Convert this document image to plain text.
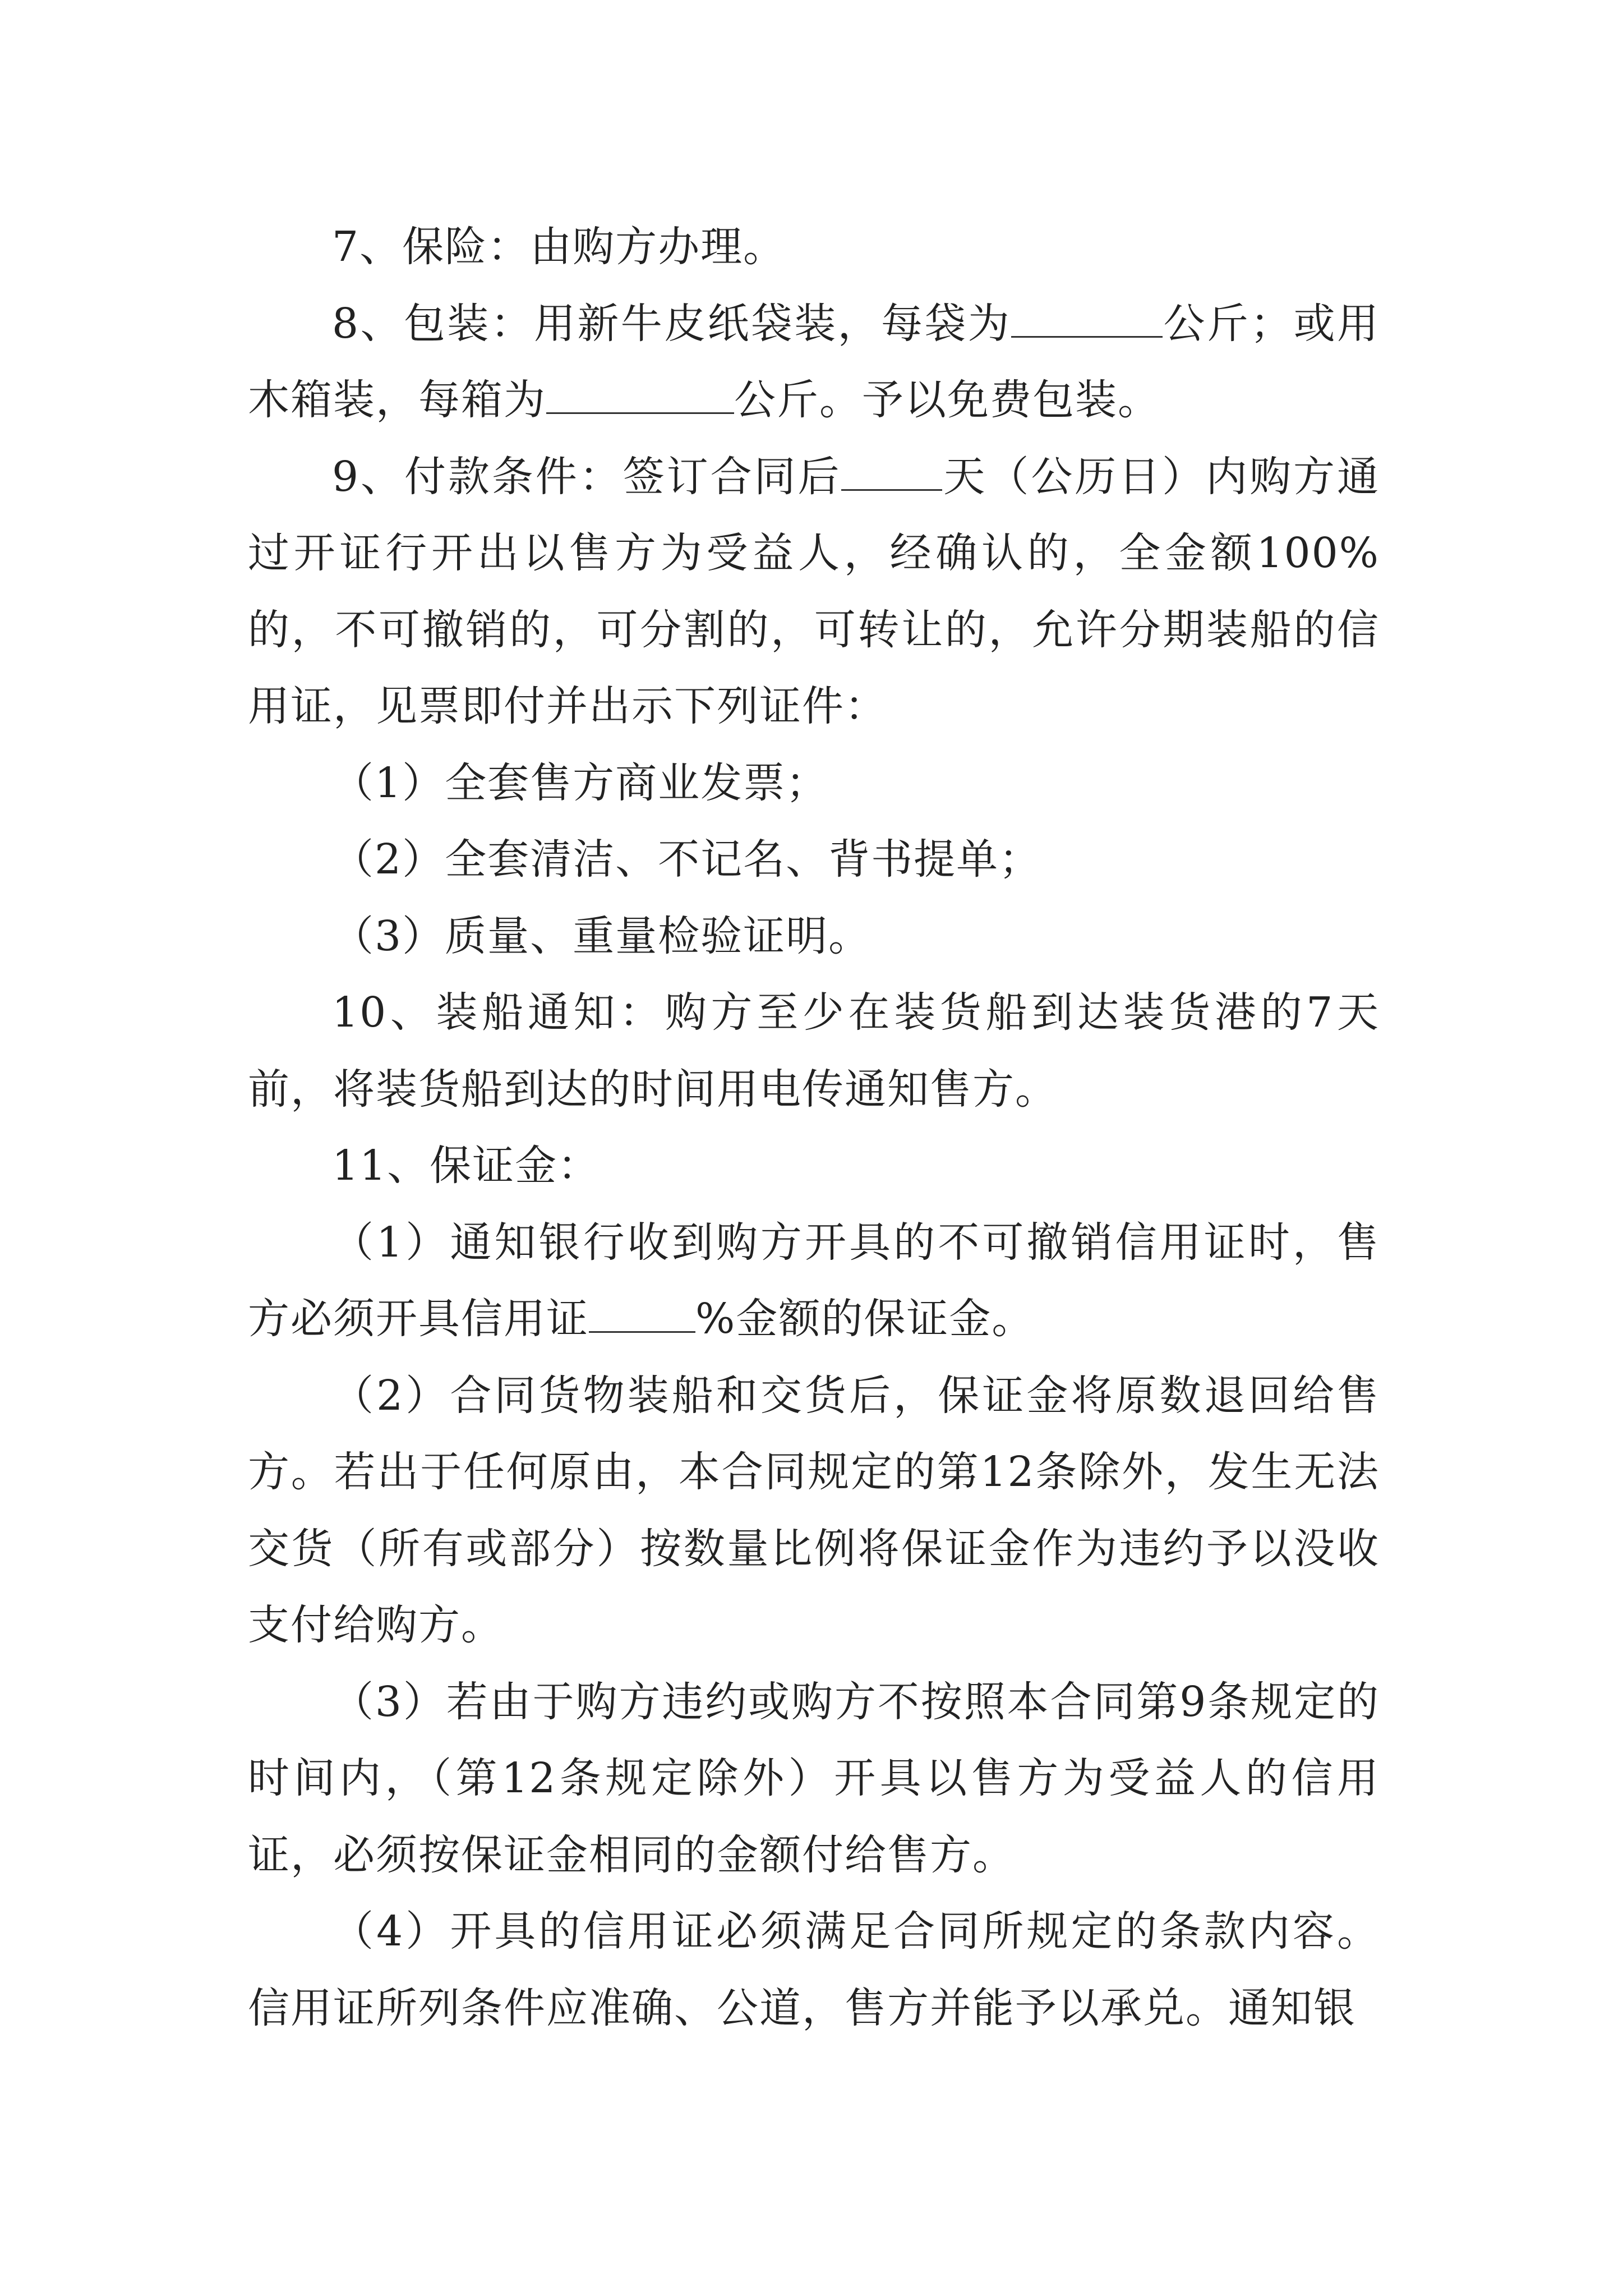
7、保险：由购方办理。

8、包装：用新牛皮纸袋装，每袋为	公斤；或用木箱装，每箱为	公斤。予以免费包装。

9、付款条件：签订合同后 天（公历日）内购方通过开证行开出以售方为受益人，经确认的，全金额100%的，不可撤销的，可分割的，可转让的，允许分期装船的信用证，见票即付并出示下列证件：

（1）全套售方商业发票；

（2）全套清洁、不记名、背书提单；

（3）质量、重量检验证明。

10、装船通知：购方至少在装货船到达装货港的7天前，将装货船到达的时间用电传通知售方。

11、保证金：

（1）通知银行收到购方开具的不可撤销信用证时，售方必须开具信用证	%金额的保证金。

（2）合同货物装船和交货后，保证金将原数退回给售方。若出于任何原由，本合同规定的第12条除外，发生无法交货（所有或部分）按数量比例将保证金作为违约予以没收支付给购方。

（3）若由于购方违约或购方不按照本合同第9条规定的时间内，（第12条规定除外）开具以售方为受益人的信用证，必须按保证金相同的金额付给售方。

（4）开具的信用证必须满足合同所规定的条款内容。信用证所列条件应准确、公道，售方并能予以承兑。通知银
